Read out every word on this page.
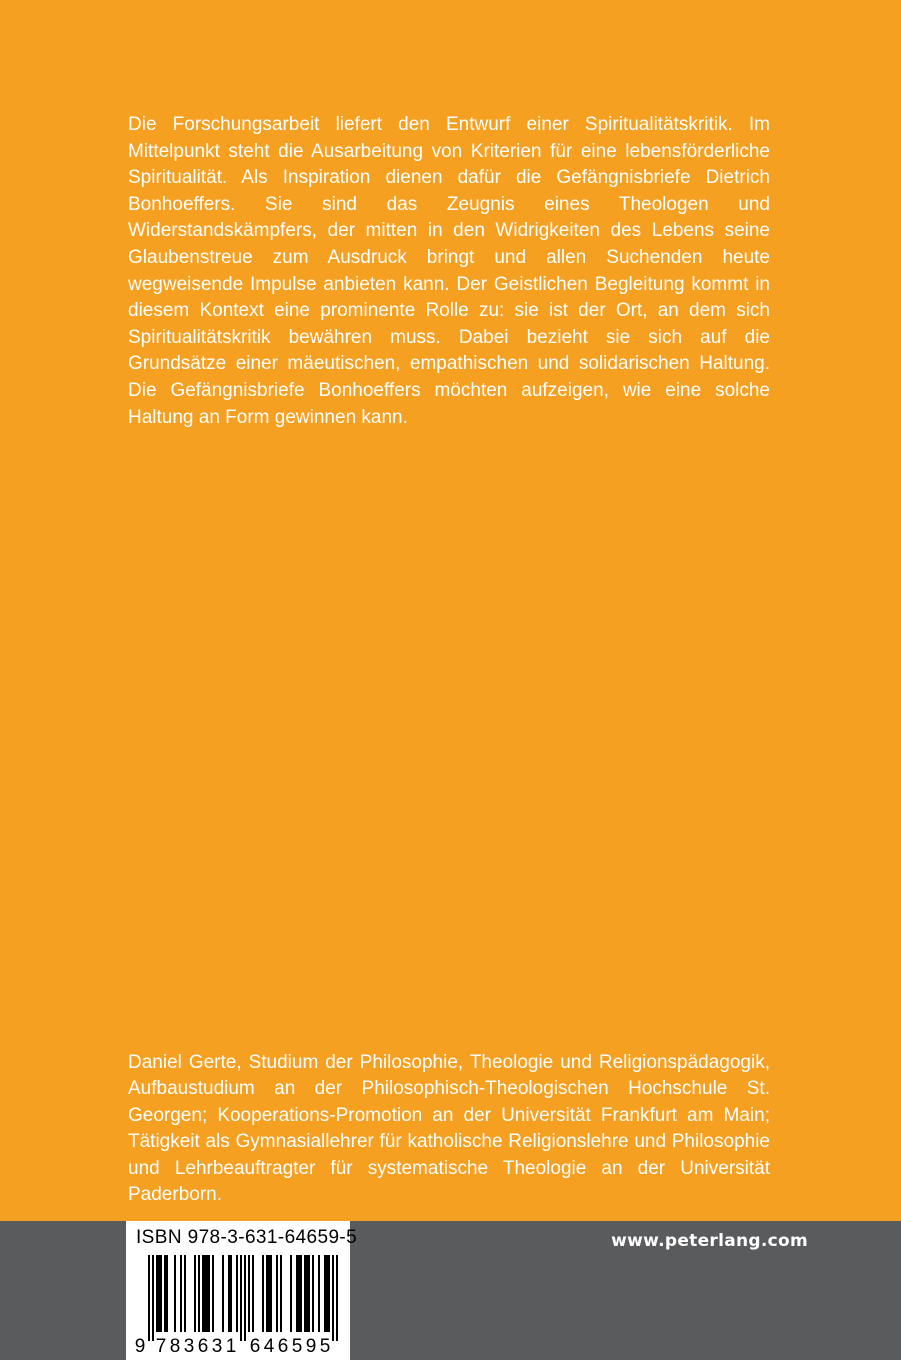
Die Forschungsarbeit liefert den Entwurf einer Spiritualitätskritik. Im Mittelpunkt steht die Ausarbeitung von Kriterien für eine lebensförderliche Spiritualität. Als Inspiration dienen dafür die Gefängnisbriefe Dietrich Bonhoeffers. Sie sind das Zeugnis eines Theologen und Widerstandskämpfers, der mitten in den Widrigkeiten des Lebens seine Glaubenstreue zum Ausdruck bringt und allen Suchenden heute wegweisende Impulse anbieten kann. Der Geistlichen Begleitung kommt in diesem Kontext eine prominente Rolle zu: sie ist der Ort, an dem sich Spiritualitätskritik bewähren muss. Dabei bezieht sie sich auf die Grundsätze einer mäeutischen, empathischen und solidarischen Haltung. Die Gefängnisbriefe Bonhoeffers möchten aufzeigen, wie eine solche Haltung an Form gewinnen kann.

Daniel Gerte, Studium der Philosophie, Theologie und Religionspädagogik, Aufbaustudium an der Philosophisch-Theologischen Hochschule St. Georgen; Kooperations-Promotion an der Universität Frankfurt am Main; Tätigkeit als Gymnasiallehrer für katholische Religionslehre und Philosophie und Lehrbeauftragter für systematische Theologie an der Universität Paderborn.

www.peterlang.com
ISBN 978-3-631-64659-5
9 7 8 3 6 3 1 6 4 6 5 9 5
